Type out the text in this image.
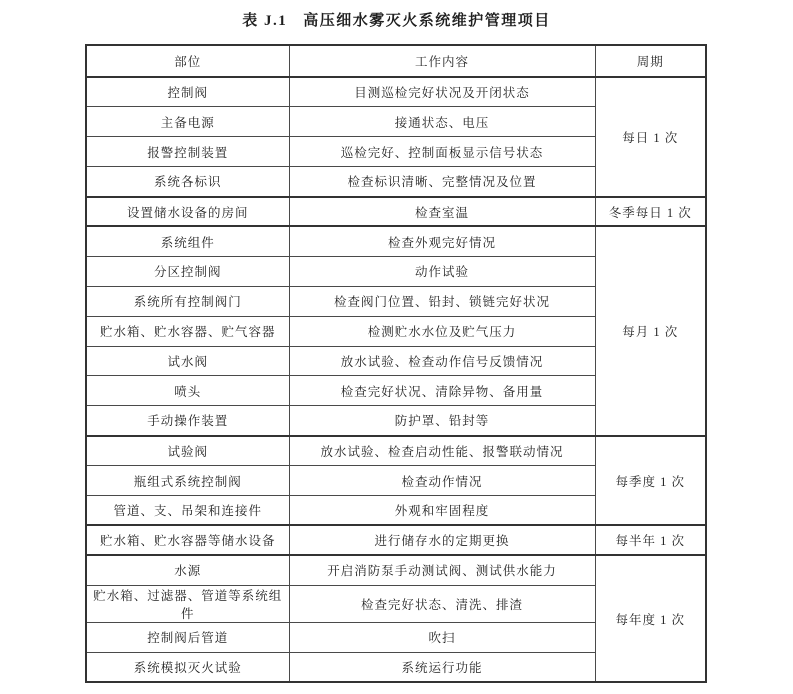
表 J.1 高压细水雾灭火系统维护管理项目
部位	工作内容	周期
控制阀	目测巡检完好状况及开闭状态	每日 1 次
主备电源	接通状态、电压	
报警控制装置	巡检完好、控制面板显示信号状态	
系统各标识	检查标识清晰、完整情况及位置	
设置储水设备的房间	检查室温	冬季每日 1 次
系统组件	检查外观完好情况	每月 1 次
分区控制阀	动作试验	
系统所有控制阀门	检查阀门位置、铅封、锁链完好状况	
贮水箱、贮水容器、贮气容器	检测贮水水位及贮气压力	
试水阀	放水试验、检查动作信号反馈情况	
喷头	检查完好状况、清除异物、备用量	
手动操作装置	防护罩、铅封等	
试验阀	放水试验、检查启动性能、报警联动情况	每季度 1 次
瓶组式系统控制阀	检查动作情况	
管道、支、吊架和连接件	外观和牢固程度	
贮水箱、贮水容器等储水设备	进行储存水的定期更换	每半年 1 次
水源	开启消防泵手动测试阀、测试供水能力	每年度 1 次
贮水箱、过滤器、管道等系统组件	检查完好状态、清洗、排渣	
控制阀后管道	吹扫	
系统模拟灭火试验	系统运行功能	
